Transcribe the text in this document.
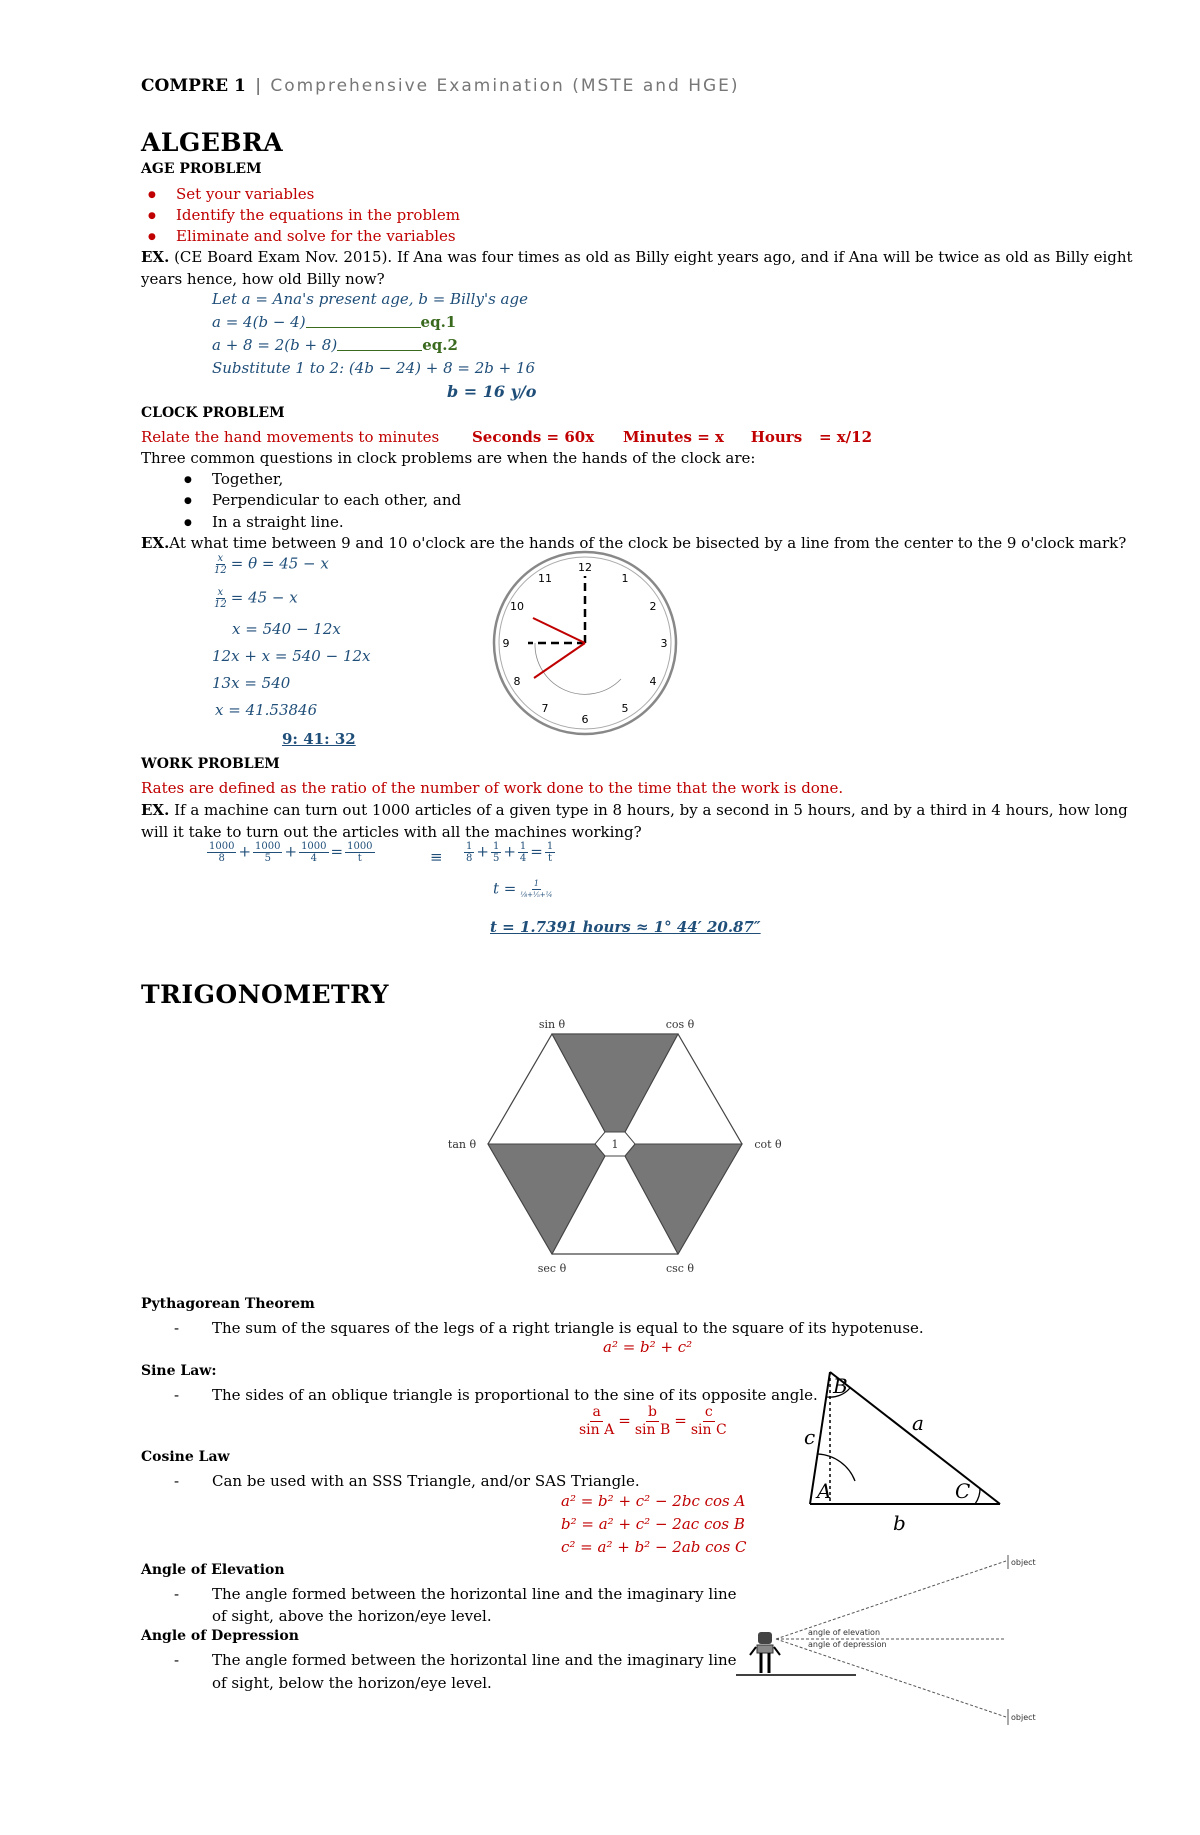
COMPRE 1 | Comprehensive Examination (MSTE and HGE)
ALGEBRA
AGE PROBLEM
● Set your variables
● Identify the equations in the problem
● Eliminate and solve for the variables
EX. (CE Board Exam Nov. 2015). If Ana was four times as old as Billy eight years ago, and if Ana will be twice as old as Billy eight
years hence, how old Billy now?
Let a = Ana's present age, b = Billy's age
a = 4(b − 4)	eq.1
a + 8 = 2(b + 8)	eq.2
Substitute 1 to 2: (4b − 24) + 8 = 2b + 16
b = 16 y/o
CLOCK PROBLEM
Relate the hand movements to minutes Seconds = 60x Minutes = x Hours = x/12
Three common questions in clock problems are when the hands of the clock are:
● Together,
● Perpendicular to each other, and
● In a straight line.
EX.At what time between 9 and 10 o'clock are the hands of the clock be bisected by a line from the center to the 9 o'clock mark?
$\frac{x}{12} = \theta = 45 - x$
$\frac{x}{12} = 45 - x$
x = 540 − 12x
12x + x = 540 − 12x
13x = 540
x = 41.53846
9: 41: 32
12
1
2
3
4
5
6
7
8
9
10
11
WORK PROBLEM
Rates are defined as the ratio of the number of work done to the time that the work is done.
EX. If a machine can turn out 1000 articles of a given type in 8 hours, by a second in 5 hours, and by a third in 4 hours, how long
will it take to turn out the articles with all the machines working?
$\frac{1000}{8} + \frac{1000}{5} + \frac{1000}{4} = \frac{1000}{t}$	≡ $\frac{1}{8} + \frac{1}{5} + \frac{1}{4} = \frac{1}{t}$
$t = \frac{1}{\text{⅛+⅕+¼}}$
t = 1.7391 hours ≈ 1° 44′ 20.87″
TRIGONOMETRY
1
sin θ	cos θ
tan θ	cot θ
sec θ	csc θ
Pythagorean Theorem
- The sum of the squares of the legs of a right triangle is equal to the square of its hypotenuse.
a² = b² + c²
Sine Law:
- The sides of an oblique triangle is proportional to the sine of its opposite angle.
$\frac{a}{\text{sin A}} = \frac{b}{\text{sin B}} = \frac{c}{\text{sin C}}$
Cosine Law
- Can be used with an SSS Triangle, and/or SAS Triangle.
a² = b² + c² − 2bc cos A
b² = a² + c² − 2ac cos B
c² = a² + b² − 2ab cos C
B
A	C
a
b
c
Angle of Elevation
- The angle formed between the horizontal line and the imaginary line
of sight, above the horizon/eye level.
Angle of Depression
- The angle formed between the horizontal line and the imaginary line
of sight, below the horizon/eye level.
object
object
angle of elevation
angle of depression
